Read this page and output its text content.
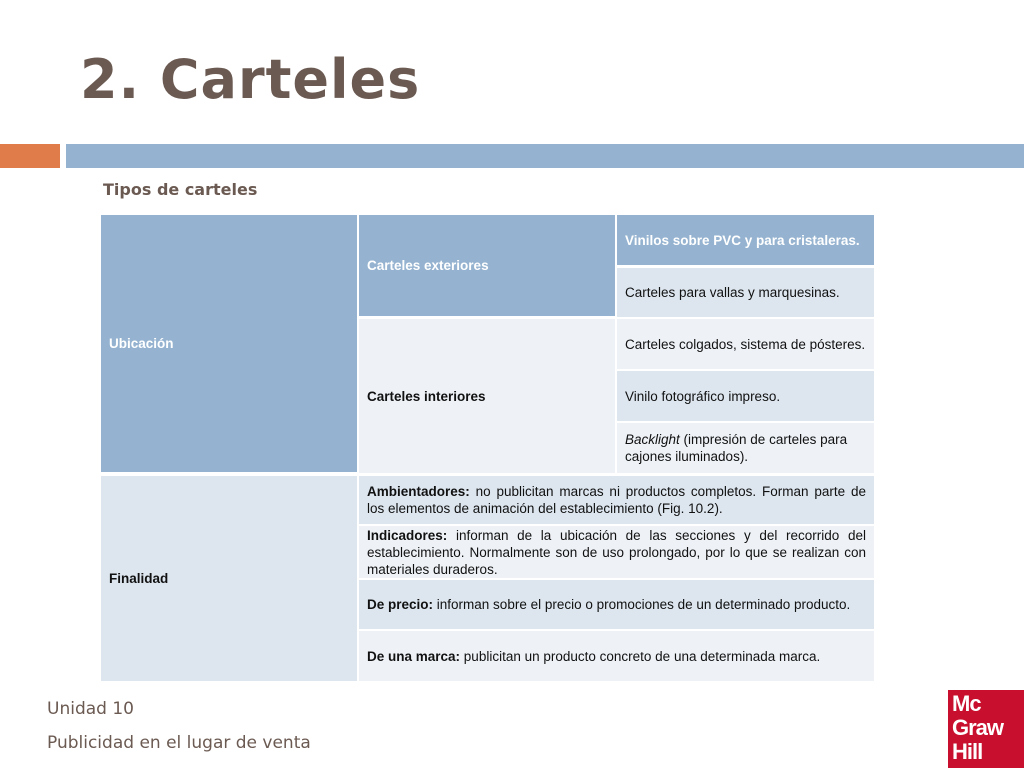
2. Carteles
Tipos de carteles
Ubicación
Finalidad
Carteles exteriores
Carteles interiores
Vinilos sobre PVC y para cristaleras.
Carteles para vallas y marquesinas.
Carteles colgados, sistema de pósteres.
Vinilo fotográfico impreso.
Backlight (impresión de carteles para cajones iluminados).
Ambientadores: no publicitan marcas ni productos completos. Forman parte de los elementos de animación del establecimiento (Fig. 10.2).
Indicadores: informan de la ubicación de las secciones y del recorrido del establecimiento. Normalmente son de uso prolongado, por lo que se realizan con materiales duraderos.
De precio: informan sobre el precio o promociones de un determinado producto.
De una marca: publicitan un producto concreto de una determinada marca.

Unidad 10

Publicidad en el lugar de venta

Mc
Graw
Hill
